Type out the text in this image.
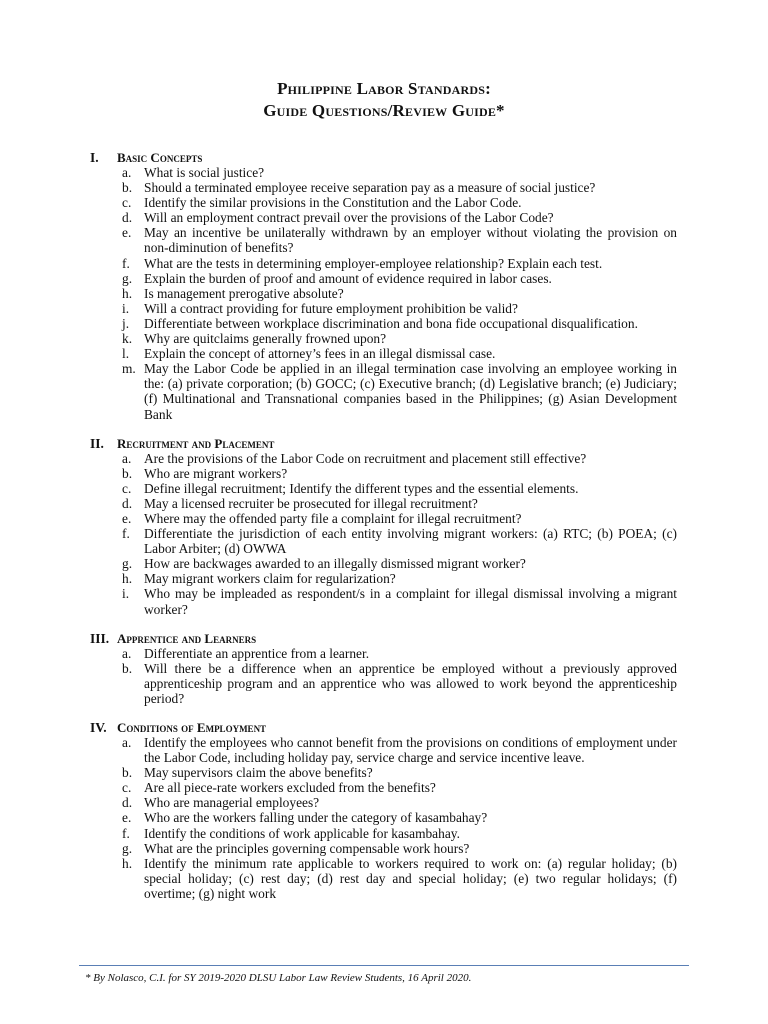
Philippine Labor Standards:
Guide Questions/Review Guide*
I.	Basic Concepts
a. What is social justice?
b. Should a terminated employee receive separation pay as a measure of social justice?
c. Identify the similar provisions in the Constitution and the Labor Code.
d. Will an employment contract prevail over the provisions of the Labor Code?
e. May an incentive be unilaterally withdrawn by an employer without violating the provision on non-diminution of benefits?
f.	What are the tests in determining employer-employee relationship? Explain each test.
g. Explain the burden of proof and amount of evidence required in labor cases.
h. Is management prerogative absolute?
i.	Will a contract providing for future employment prohibition be valid?
j.	Differentiate between workplace discrimination and bona fide occupational disqualification.
k. Why are quitclaims generally frowned upon?
l.	Explain the concept of attorney’s fees in an illegal dismissal case.
m. May the Labor Code be applied in an illegal termination case involving an employee working in the: (a) private corporation; (b) GOCC; (c) Executive branch; (d) Legislative branch; (e) Judiciary; (f) Multinational and Transnational companies based in the Philippines; (g) Asian Development Bank
II.	Recruitment and Placement
a. Are the provisions of the Labor Code on recruitment and placement still effective?
b. Who are migrant workers?
c. Define illegal recruitment; Identify the different types and the essential elements.
d. May a licensed recruiter be prosecuted for illegal recruitment?
e. Where may the offended party file a complaint for illegal recruitment?
f.	Differentiate the jurisdiction of each entity involving migrant workers: (a) RTC; (b) POEA; (c) Labor Arbiter; (d) OWWA
g. How are backwages awarded to an illegally dismissed migrant worker?
h. May migrant workers claim for regularization?
i.	Who may be impleaded as respondent/s in a complaint for illegal dismissal involving a migrant worker?
III. Apprentice and Learners
a. Differentiate an apprentice from a learner.
b. Will there be a difference when an apprentice be employed without a previously approved apprenticeship program and an apprentice who was allowed to work beyond the apprenticeship period?
IV. Conditions of Employment
a. Identify the employees who cannot benefit from the provisions on conditions of employment under the Labor Code, including holiday pay, service charge and service incentive leave.
b. May supervisors claim the above benefits?
c. Are all piece-rate workers excluded from the benefits?
d. Who are managerial employees?
e. Who are the workers falling under the category of kasambahay?
f.	Identify the conditions of work applicable for kasambahay.
g. What are the principles governing compensable work hours?
h. Identify the minimum rate applicable to workers required to work on: (a) regular holiday; (b) special holiday; (c) rest day; (d) rest day and special holiday; (e) two regular holidays; (f) overtime; (g) night work
* By Nolasco, C.I. for SY 2019-2020 DLSU Labor Law Review Students, 16 April 2020.
